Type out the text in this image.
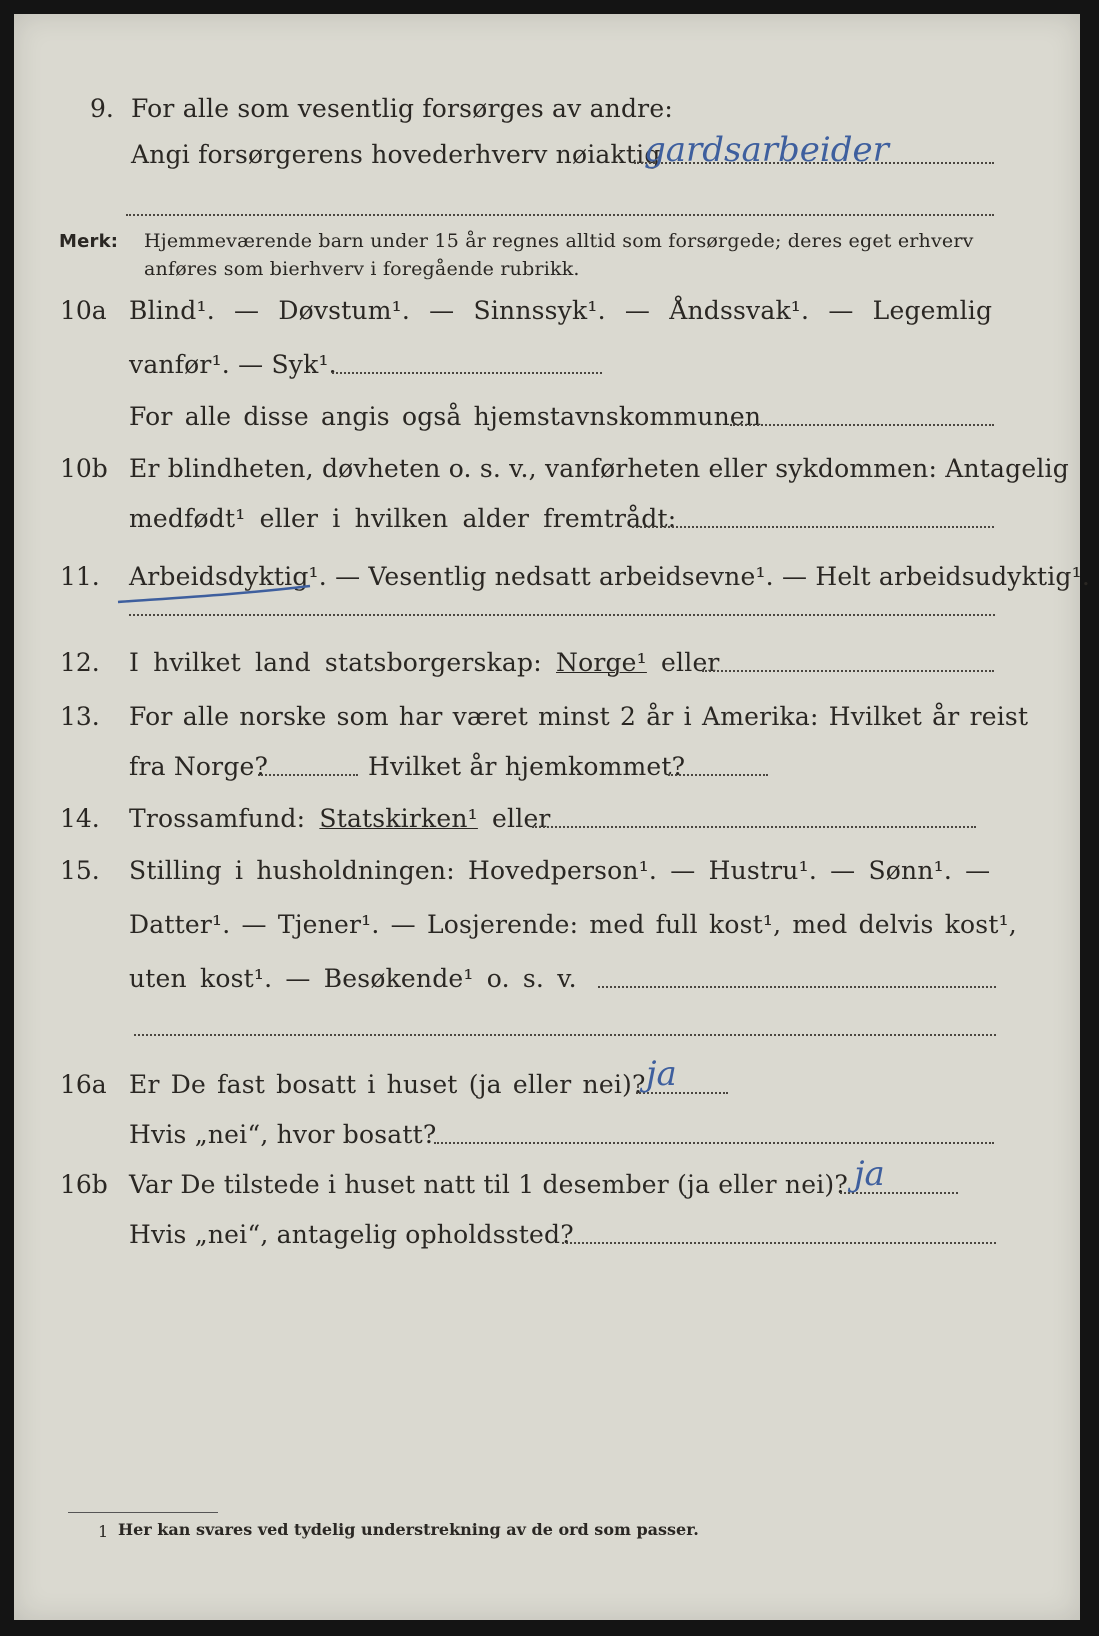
9. For alle som vesentlig forsørges av andre:
Angi forsørgerens hovederhverv nøiaktig
gardsarbeider
Merk: Hjemmeværende barn under 15 år regnes alltid som forsørgede; deres eget erhverv
anføres som bierhverv i foregående rubrikk.
10a Blind¹. — Døvstum¹. — Sinnssyk¹. — Åndssvak¹. — Legemlig
vanfør¹. — Syk¹.
For alle disse angis også hjemstavnskommunen
10b Er blindheten, døvheten o. s. v., vanførheten eller sykdommen: Antagelig
medfødt¹ eller i hvilken alder fremtrådt:
11. Arbeidsdyktig¹. — Vesentlig nedsatt arbeidsevne¹. — Helt arbeidsudyktig¹.
12. I hvilket land statsborgerskap: Norge¹ eller
13. For alle norske som har været minst 2 år i Amerika: Hvilket år reist
fra Norge?	Hvilket år hjemkommet?
14. Trossamfund: Statskirken¹ eller
15. Stilling i husholdningen: Hovedperson¹. — Hustru¹. — Sønn¹. —
Datter¹. — Tjener¹. — Losjerende: med full kost¹, med delvis kost¹,
uten kost¹. — Besøkende¹ o. s. v.
16a Er De fast bosatt i huset (ja eller nei)? ja
Hvis „nei“, hvor bosatt?
16b Var De tilstede i huset natt til 1 desember (ja eller nei)? ja
Hvis „nei“, antagelig opholdssted?
1 Her kan svares ved tydelig understrekning av de ord som passer.
